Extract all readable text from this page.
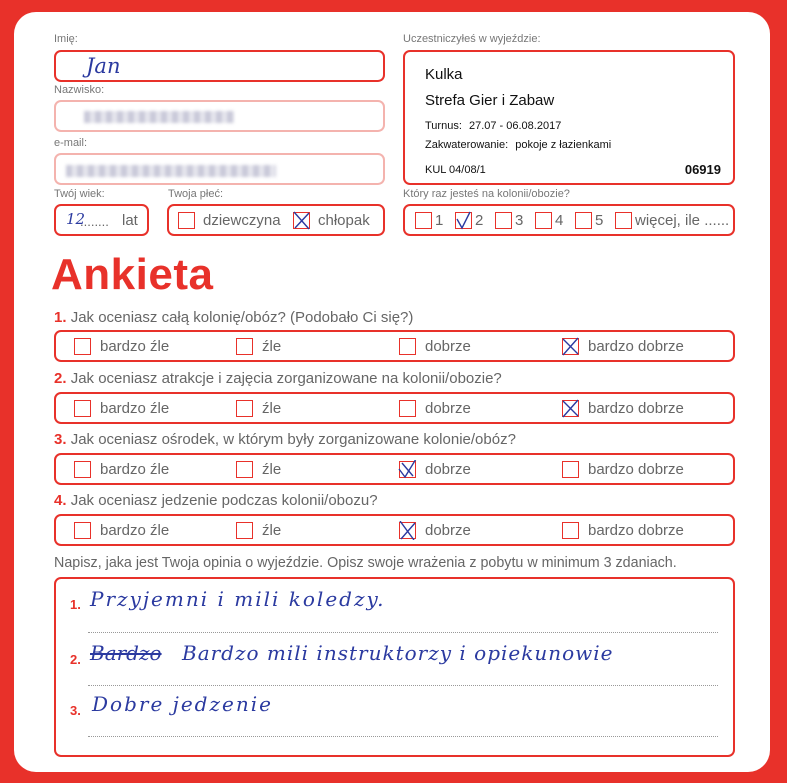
Imię:
Jan
Nazwisko:
e-mail:
Twój wiek:
12
........ lat
Twoja płeć:
dziewczyna chłopak
Uczestniczyłeś w wyjeździe:
Kulka
Strefa Gier i Zabaw
Turnus: 27.07 - 06.08.2017
Zakwaterowanie: pokoje z łazienkami
KUL 04/08/1	06919
Który raz jesteś na kolonii/obozie?
1 2 3 4 5 więcej, ile ......
Ankieta
1. Jak oceniasz całą kolonię/obóz? (Podobało Ci się?)
bardzo źle	źle	dobrze	bardzo dobrze
2. Jak oceniasz atrakcje i zajęcia zorganizowane na kolonii/obozie?
bardzo źle	źle	dobrze	bardzo dobrze
3. Jak oceniasz ośrodek, w którym były zorganizowane kolonie/obóz?
bardzo źle	źle	dobrze	bardzo dobrze
4. Jak oceniasz jedzenie podczas kolonii/obozu?
bardzo źle	źle	dobrze	bardzo dobrze
Napisz, jaka jest Twoja opinia o wyjeździe. Opisz swoje wrażenia z pobytu w minimum 3 zdaniach.
1. Przyjemni i mili koledzy.
2. Bardzo Bardzo mili instruktorzy i opiekunowie
3. Dobre jedzenie
